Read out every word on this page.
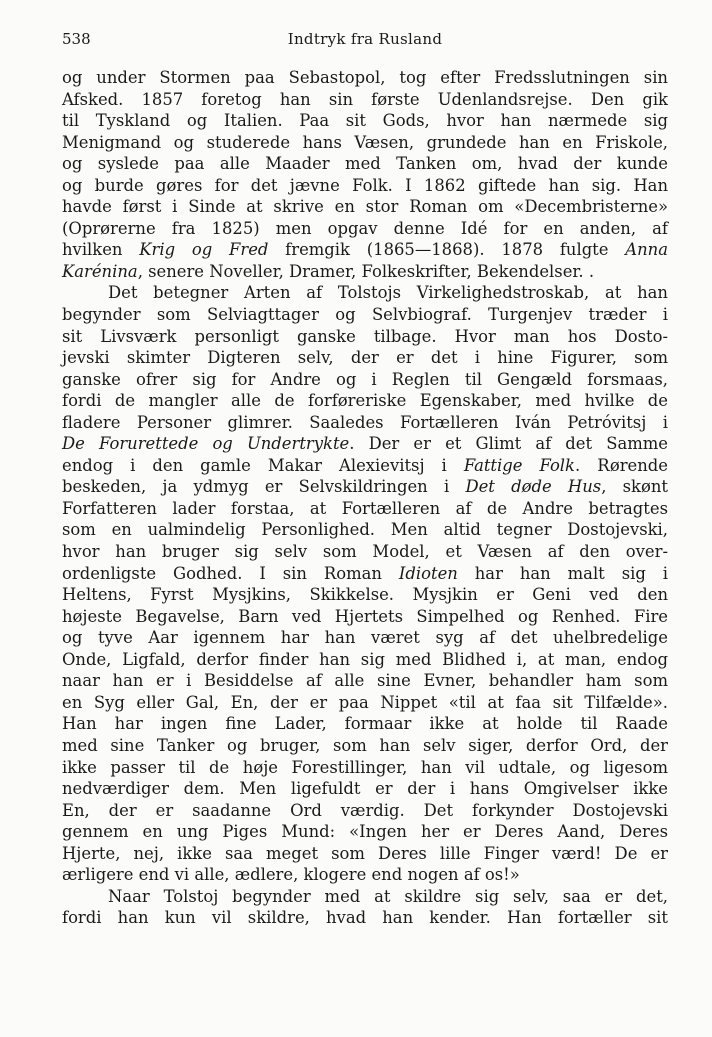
538	Indtryk fra Rusland
og under Stormen paa Sebastopol, tog efter Fredsslutningen sin
Afsked. 1857 foretog han sin første Udenlandsrejse. Den gik
til Tyskland og Italien. Paa sit Gods, hvor han nærmede sig
Menigmand og studerede hans Væsen, grundede han en Friskole,
og syslede paa alle Maader med Tanken om, hvad der kunde
og burde gøres for det jævne Folk. I 1862 giftede han sig. Han
havde først i Sinde at skrive en stor Roman om «Decembristerne»
(Oprørerne fra 1825) men opgav denne Idé for en anden, af
hvilken Krig og Fred fremgik (1865—1868). 1878 fulgte Anna
Karénina, senere Noveller, Dramer, Folkeskrifter, Bekendelser. .
Det betegner Arten af Tolstojs Virkelighedstroskab, at han
begynder som Selviagttager og Selvbiograf. Turgenjev træder i
sit Livsværk personligt ganske tilbage. Hvor man hos Dosto-
jevski skimter Digteren selv, der er det i hine Figurer, som
ganske ofrer sig for Andre og i Reglen til Gengæld forsmaas,
fordi de mangler alle de forføreriske Egenskaber, med hvilke de
fladere Personer glimrer. Saaledes Fortælleren Iván Petróvitsj i
De Forurettede og Undertrykte. Der er et Glimt af det Samme
endog i den gamle Makar Alexievitsj i Fattige Folk. Rørende
beskeden, ja ydmyg er Selvskildringen i Det døde Hus, skønt
Forfatteren lader forstaa, at Fortælleren af de Andre betragtes
som en ualmindelig Personlighed. Men altid tegner Dostojevski,
hvor han bruger sig selv som Model, et Væsen af den over-
ordenligste Godhed. I sin Roman Idioten har han malt sig i
Heltens, Fyrst Mysjkins, Skikkelse. Mysjkin er Geni ved den
højeste Begavelse, Barn ved Hjertets Simpelhed og Renhed. Fire
og tyve Aar igennem har han været syg af det uhelbredelige
Onde, Ligfald, derfor finder han sig med Blidhed i, at man, endog
naar han er i Besiddelse af alle sine Evner, behandler ham som
en Syg eller Gal, En, der er paa Nippet «til at faa sit Tilfælde».
Han har ingen fine Lader, formaar ikke at holde til Raade
med sine Tanker og bruger, som han selv siger, derfor Ord, der
ikke passer til de høje Forestillinger, han vil udtale, og ligesom
nedværdiger dem. Men ligefuldt er der i hans Omgivelser ikke
En, der er saadanne Ord værdig. Det forkynder Dostojevski
gennem en ung Piges Mund: «Ingen her er Deres Aand, Deres
Hjerte, nej, ikke saa meget som Deres lille Finger værd! De er
ærligere end vi alle, ædlere, klogere end nogen af os!»
Naar Tolstoj begynder med at skildre sig selv, saa er det,
fordi han kun vil skildre, hvad han kender. Han fortæller sit
